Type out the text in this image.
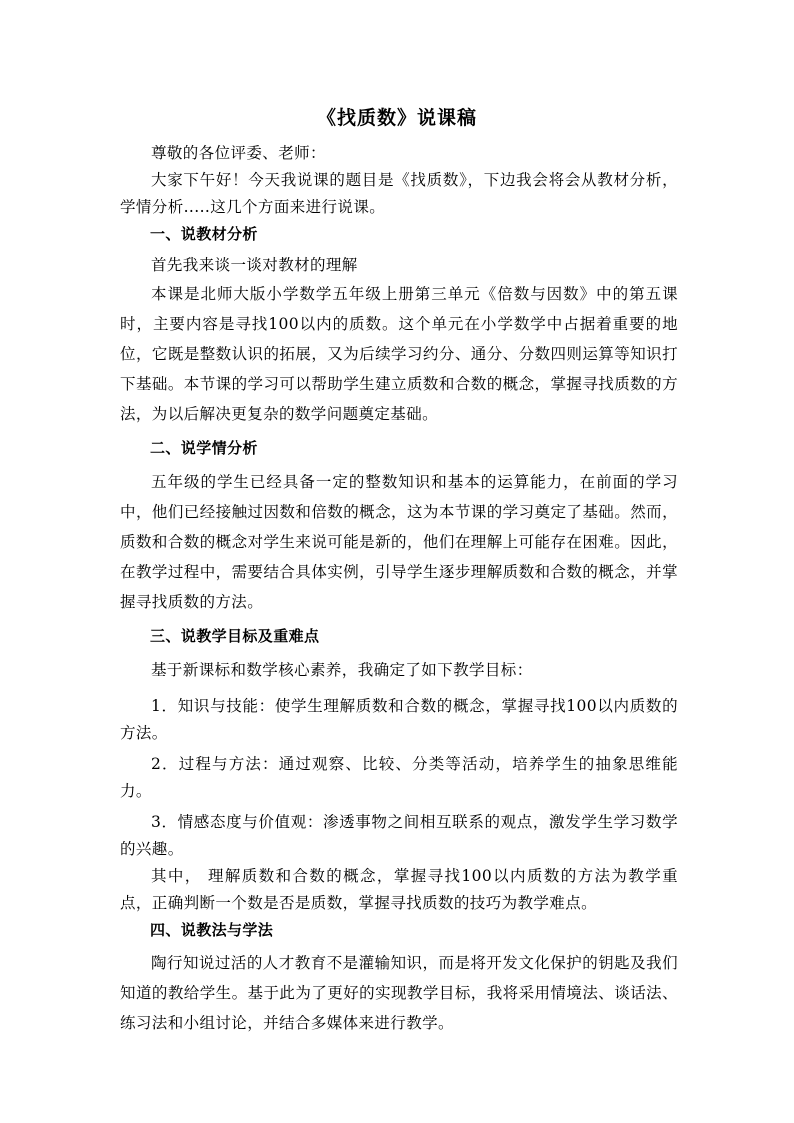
《找质数》说课稿

尊敬的各位评委、老师：

大家下午好！今天我说课的题目是《找质数》，下边我会将会从教材分析，学情分析.....这几个方面来进行说课。

一、说教材分析

首先我来谈一谈对教材的理解

本课是北师大版小学数学五年级上册第三单元《倍数与因数》中的第五课时，主要内容是寻找100以内的质数。这个单元在小学数学中占据着重要的地位，它既是整数认识的拓展，又为后续学习约分、通分、分数四则运算等知识打下基础。本节课的学习可以帮助学生建立质数和合数的概念，掌握寻找质数的方法，为以后解决更复杂的数学问题奠定基础。

二、说学情分析

五年级的学生已经具备一定的整数知识和基本的运算能力，在前面的学习中，他们已经接触过因数和倍数的概念，这为本节课的学习奠定了基础。然而，质数和合数的概念对学生来说可能是新的，他们在理解上可能存在困难。因此，在教学过程中，需要结合具体实例，引导学生逐步理解质数和合数的概念，并掌握寻找质数的方法。

三、说教学目标及重难点

基于新课标和数学核心素养，我确定了如下教学目标：

1．知识与技能：使学生理解质数和合数的概念，掌握寻找100以内质数的方法。

2．过程与方法：通过观察、比较、分类等活动，培养学生的抽象思维能力。

3．情感态度与价值观：渗透事物之间相互联系的观点，激发学生学习数学的兴趣。

其中， 理解质数和合数的概念，掌握寻找100以内质数的方法为教学重点，正确判断一个数是否是质数，掌握寻找质数的技巧为教学难点。

四、说教法与学法

陶行知说过活的人才教育不是灌输知识，而是将开发文化保护的钥匙及我们知道的教给学生。基于此为了更好的实现教学目标，我将采用情境法、谈话法、练习法和小组讨论，并结合多媒体来进行教学。
